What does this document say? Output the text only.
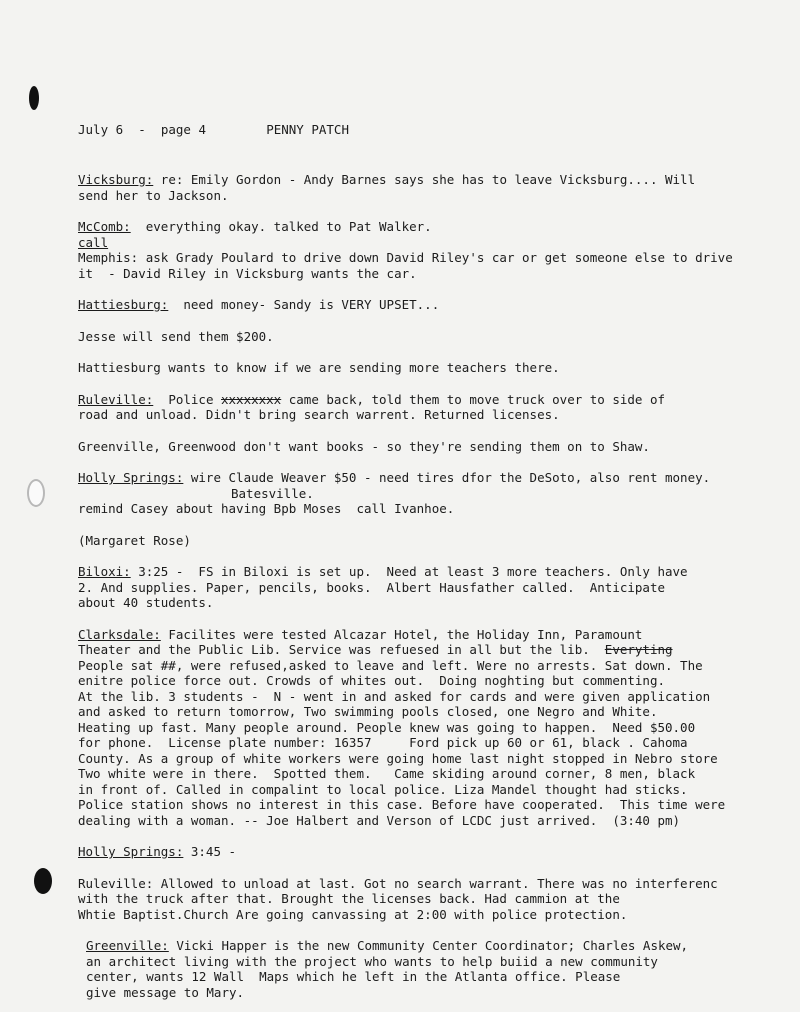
July 6 - page 4	PENNY PATCH
Vicksburg: re: Emily Gordon - Andy Barnes says she has to leave Vicksburg.... Will
send her to Jackson.
McComb:  everything okay. talked to Pat Walker.
call
Memphis: ask Grady Poulard to drive down David Riley's car or get someone else to drive
it  - David Riley in Vicksburg wants the car.
Hattiesburg:  need money- Sandy is VERY UPSET...
Jesse will send them $200.
Hattiesburg wants to know if we are sending more teachers there.
Ruleville:  Police xxxxxxxx came back, told them to move truck over to side of
road and unload. Didn't bring search warrent. Returned licenses.
Greenville, Greenwood don't want books - so they're sending them on to Shaw.
Holly Springs: wire Claude Weaver $50 - need tires dfor the DeSoto, also rent money.
Batesville.
remind Casey about having Bpb Moses  call Ivanhoe.
(Margaret Rose)
Biloxi: 3:25 -  FS in Biloxi is set up.  Need at least 3 more teachers. Only have
2. And supplies. Paper, pencils, books.  Albert Hausfather called.  Anticipate
about 40 students.
Clarksdale: Facilites were tested Alcazar Hotel, the Holiday Inn, Paramount
Theater and the Public Lib. Service was refuesed in all but the lib.  Everyting
People sat ##, were refused,asked to leave and left. Were no arrests. Sat down. The
enitre police force out. Crowds of whites out.  Doing noghting but commenting.
At the lib. 3 students -  N - went in and asked for cards and were given application
and asked to return tomorrow, Two swimming pools closed, one Negro and White.
Heating up fast. Many people around. People knew was going to happen.  Need $50.00
for phone.  License plate number: 16357     Ford pick up 60 or 61, black . Cahoma
County. As a group of white workers were going home last night stopped in Nebro store
Two white were in there.  Spotted them.   Came skiding around corner, 8 men, black
in front of. Called in compalint to local police. Liza Mandel thought had sticks.
Police station shows no interest in this case. Before have cooperated.  This time were
dealing with a woman. -- Joe Halbert and Verson of LCDC just arrived.  (3:40 pm)
Holly Springs: 3:45 -
Ruleville: Allowed to unload at last. Got no search warrant. There was no interferenc
with the truck after that. Brought the licenses back. Had cammion at the
Whtie Baptist.Church Are going canvassing at 2:00 with police protection.
Greenville: Vicki Happer is the new Community Center Coordinator; Charles Askew,
an architect living with the project who wants to help buiid a new community
center, wants 12 Wall  Maps which he left in the Atlanta office. Please
give message to Mary.
